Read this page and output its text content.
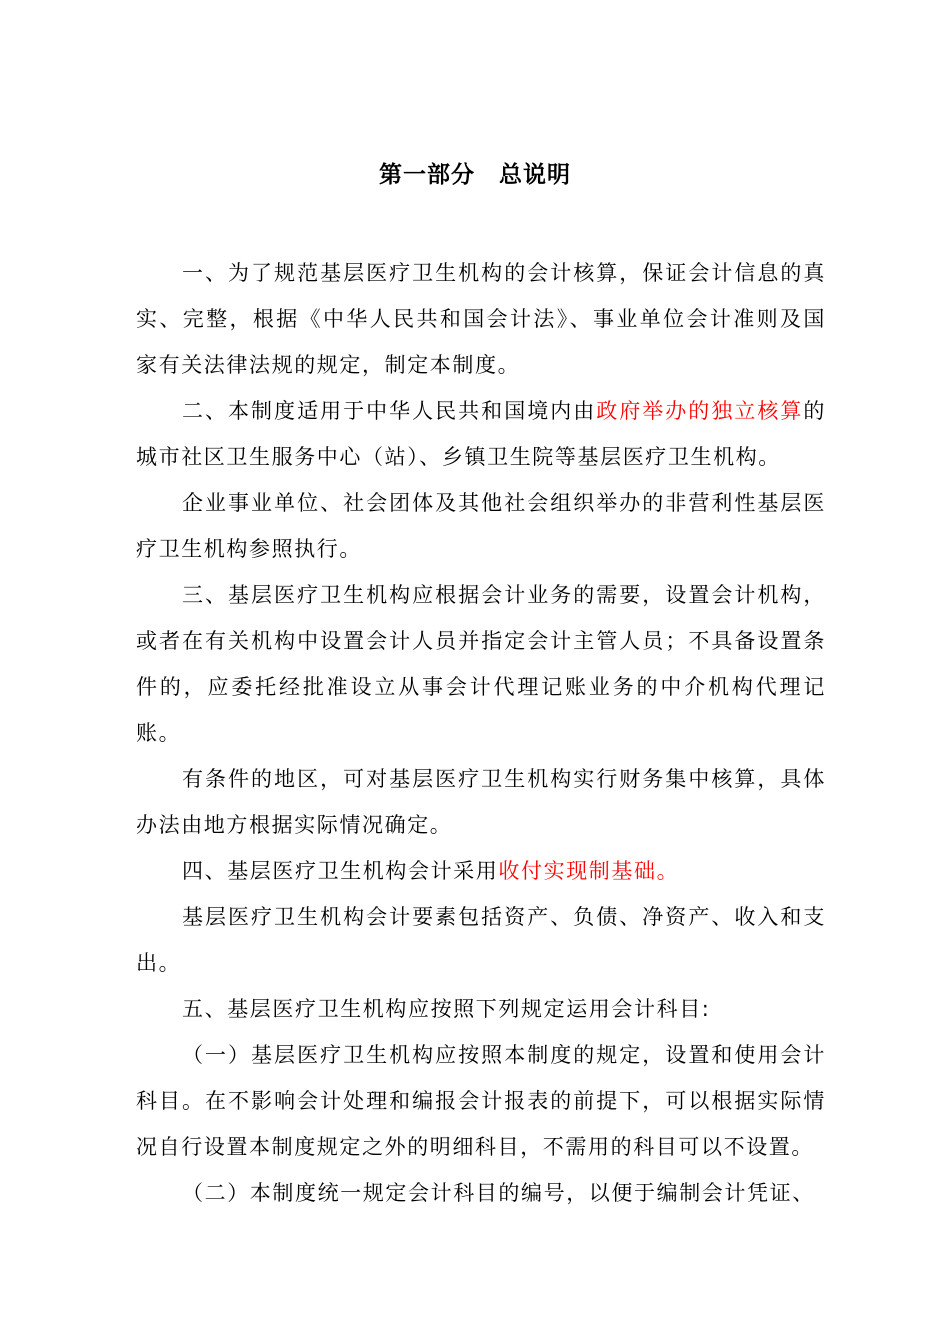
第一部分　总说明

一、为了规范基层医疗卫生机构的会计核算，保证会计信息的真实、完整，根据《中华人民共和国会计法》、事业单位会计准则及国家有关法律法规的规定，制定本制度。

二、本制度适用于中华人民共和国境内由政府举办的独立核算的城市社区卫生服务中心（站）、乡镇卫生院等基层医疗卫生机构。

企业事业单位、社会团体及其他社会组织举办的非营利性基层医疗卫生机构参照执行。

三、基层医疗卫生机构应根据会计业务的需要，设置会计机构，或者在有关机构中设置会计人员并指定会计主管人员；不具备设置条件的，应委托经批准设立从事会计代理记账业务的中介机构代理记账。

有条件的地区，可对基层医疗卫生机构实行财务集中核算，具体办法由地方根据实际情况确定。

四、基层医疗卫生机构会计采用收付实现制基础。

基层医疗卫生机构会计要素包括资产、负债、净资产、收入和支出。

五、基层医疗卫生机构应按照下列规定运用会计科目:

（一）基层医疗卫生机构应按照本制度的规定，设置和使用会计科目。在不影响会计处理和编报会计报表的前提下，可以根据实际情况自行设置本制度规定之外的明细科目，不需用的科目可以不设置。

（二）本制度统一规定会计科目的编号，以便于编制会计凭证、
